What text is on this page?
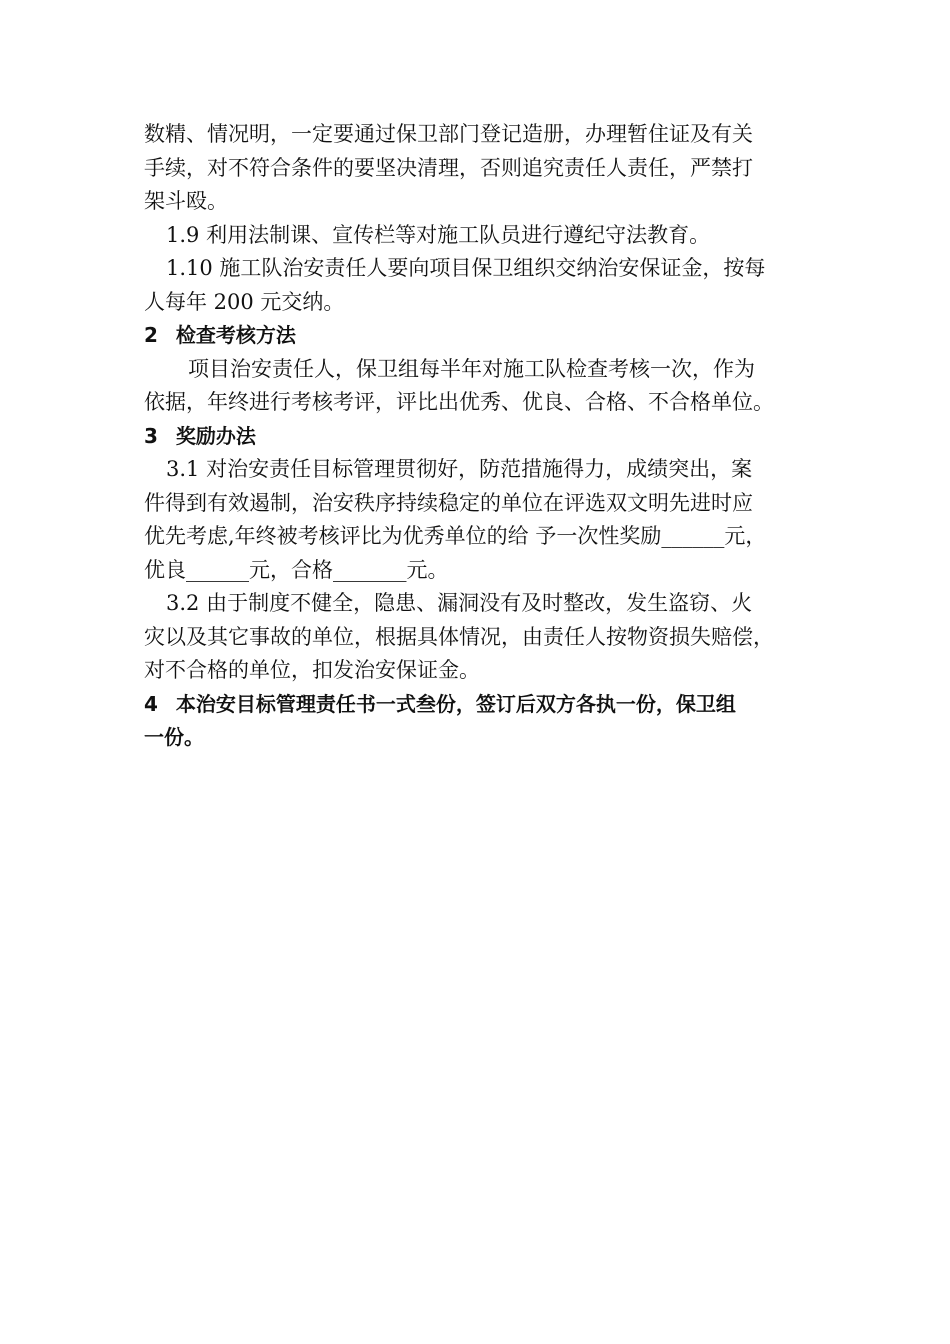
数精、情况明，一定要通过保卫部门登记造册，办理暂住证及有关
手续，对不符合条件的要坚决清理，否则追究责任人责任，严禁打
架斗殴。
1.9 利用法制课、宣传栏等对施工队员进行遵纪守法教育。
1.10 施工队治安责任人要向项目保卫组织交纳治安保证金，按每
人每年 200 元交纳。
2 检查考核方法
项目治安责任人，保卫组每半年对施工队检查考核一次，作为
依据，年终进行考核考评，评比出优秀、优良、合格、不合格单位。
3 奖励办法
3.1 对治安责任目标管理贯彻好，防范措施得力，成绩突出，案
件得到有效遏制，治安秩序持续稳定的单位在评选双文明先进时应
优先考虑,年终被考核评比为优秀单位的给 予一次性奖励______元，
优良______元，合格_______元。
3.2 由于制度不健全，隐患、漏洞没有及时整改，发生盗窃、火
灾以及其它事故的单位，根据具体情况，由责任人按物资损失赔偿，
对不合格的单位，扣发治安保证金。
4 本治安目标管理责任书一式叁份，签订后双方各执一份，保卫组
一份。
